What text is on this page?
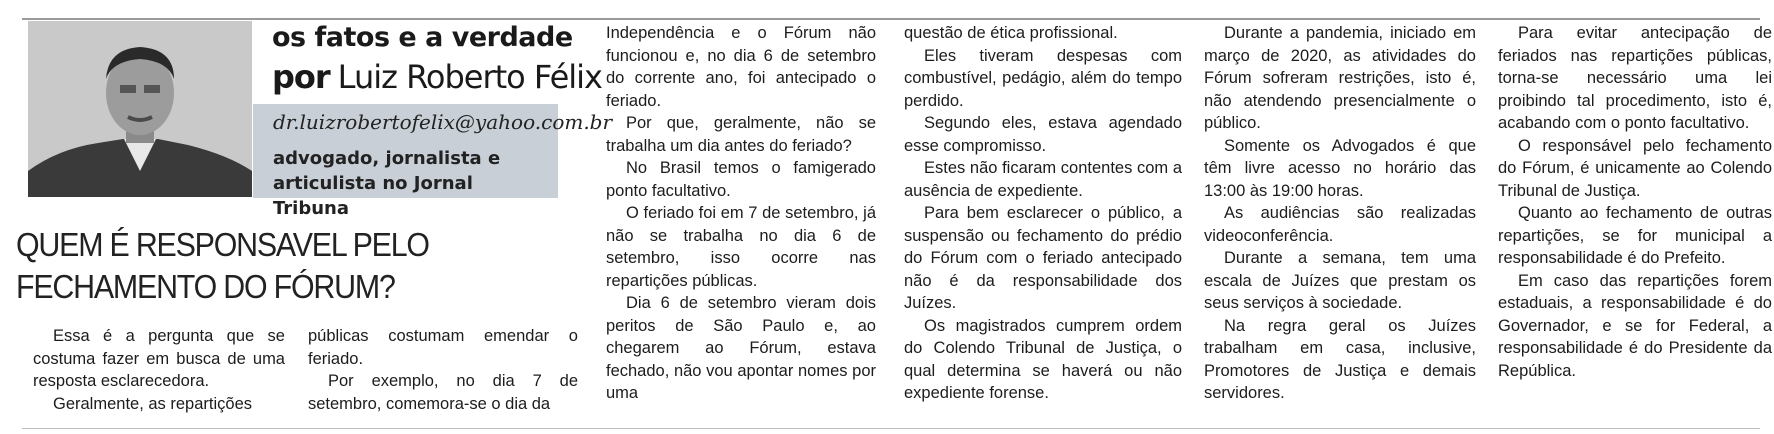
os fatos e a verdade
por Luiz Roberto Félix
dr.luizrobertofelix@yahoo.com.br
advogado, jornalista e articulista no Jornal Tribuna
QUEM É RESPONSAVEL PELO FECHAMENTO DO FÓRUM?

Essa é a pergunta que se costuma fazer em busca de uma resposta esclarecedora.

Geralmente, as repartições

públicas costumam emendar o feriado.

Por exemplo, no dia 7 de setembro, comemora-se o dia da

Independência e o Fórum não funcionou e, no dia 6 de setembro do corrente ano, foi antecipado o feriado.

Por que, geralmente, não se trabalha um dia antes do feriado?

No Brasil temos o famigerado ponto facultativo.

O feriado foi em 7 de setembro, já não se trabalha no dia 6 de setembro, isso ocorre nas repartições públicas.

Dia 6 de setembro vieram dois peritos de São Paulo e, ao chegarem ao Fórum, estava fechado, não vou apontar nomes por uma

questão de ética profissional.

Eles tiveram despesas com combustível, pedágio, além do tempo perdido.

Segundo eles, estava agendado esse compromisso.

Estes não ficaram contentes com a ausência de expediente.

Para bem esclarecer o público, a suspensão ou fechamento do prédio do Fórum com o feriado antecipado não é da responsabilidade dos Juízes.

Os magistrados cumprem ordem do Colendo Tribunal de Justiça, o qual determina se haverá ou não expediente forense.

Durante a pandemia, iniciado em março de 2020, as atividades do Fórum sofreram restrições, isto é, não atendendo presencialmente o público.

Somente os Advogados é que têm livre acesso no horário das 13:00 às 19:00 horas.

As audiências são realizadas videoconferência.

Durante a semana, tem uma escala de Juízes que prestam os seus serviços à sociedade.

Na regra geral os Juízes trabalham em casa, inclusive, Promotores de Justiça e demais servidores.

Para evitar antecipação de feriados nas repartições públicas, torna-se necessário uma lei proibindo tal procedimento, isto é, acabando com o ponto facultativo.

O responsável pelo fechamento do Fórum, é unicamente ao Colendo Tribunal de Justiça.

Quanto ao fechamento de outras repartições, se for municipal a responsabilidade é do Prefeito.

Em caso das repartições forem estaduais, a responsabilidade é do Governador, e se for Federal, a responsabilidade é do Presidente da República.
